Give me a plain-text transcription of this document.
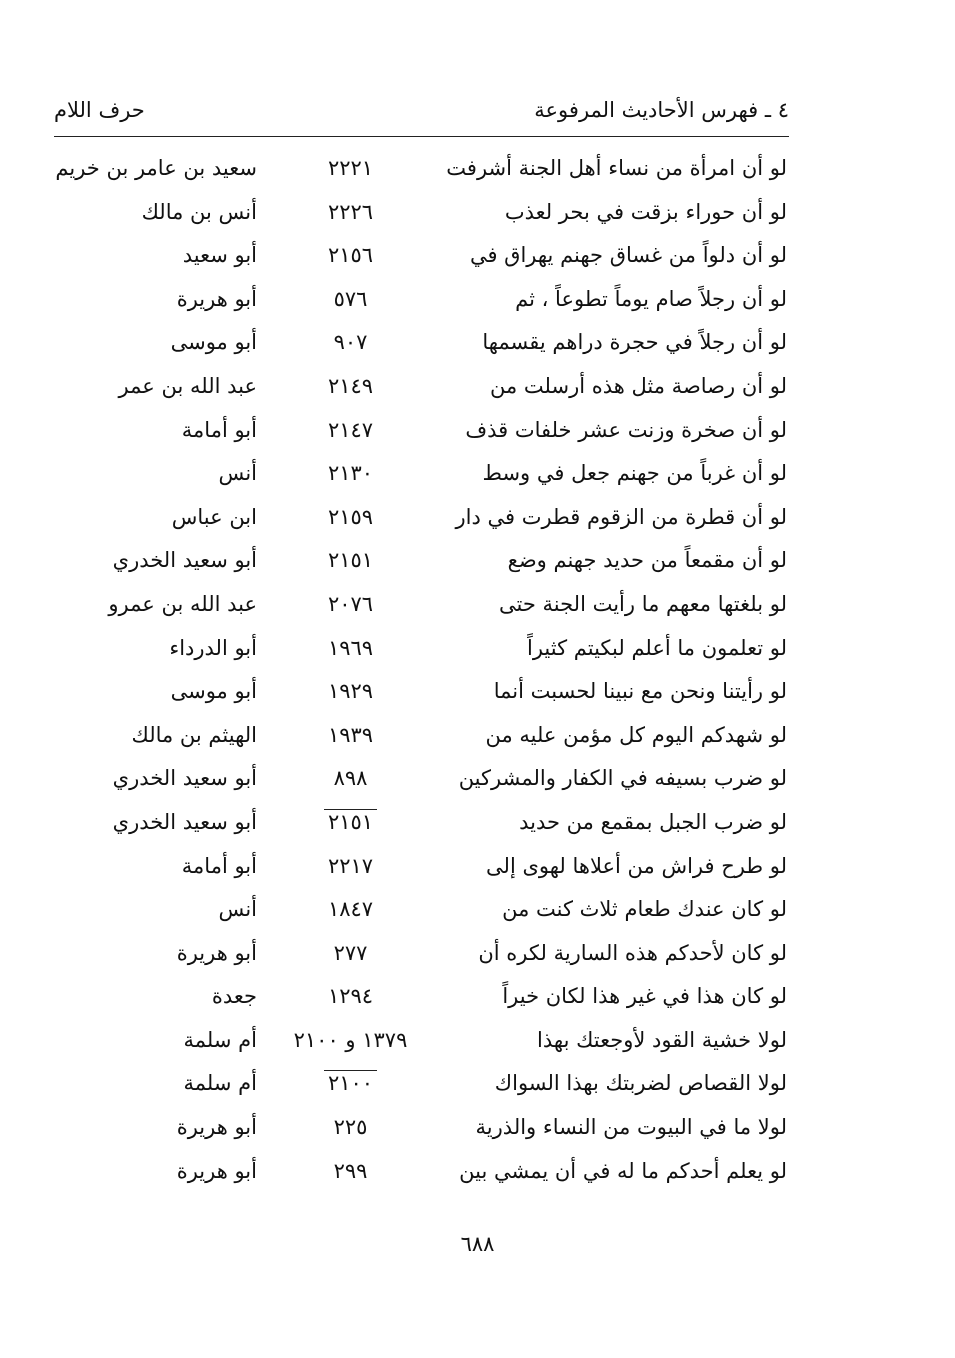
٤ ـ فهرس الأحاديث المرفوعة
حرف اللام
لو أن امرأة من نساء أهل الجنة أشرفت
٢٢٢١
سعيد بن عامر بن خريم
لو أن حوراء بزقت في بحر لعذب
٢٢٢٦
أنس بن مالك
لو أن دلواً من غساق جهنم يهراق في
٢١٥٦
أبو سعيد
لو أن رجلاً صام يوماً تطوعاً ، ثم
٥٧٦
أبو هريرة
لو أن رجلاً في حجرة دراهم يقسمها
٩٠٧
أبو موسى
لو أن رصاصة مثل هذه أرسلت من
٢١٤٩
عبد الله بن عمر
لو أن صخرة وزنت عشر خلفات قذف
٢١٤٧
أبو أمامة
لو أن غرباً من جهنم جعل في وسط
٢١٣٠
أنس
لو أن قطرة من الزقوم قطرت في دار
٢١٥٩
ابن عباس
لو أن مقمعاً من حديد جهنم وضع
٢١٥١
أبو سعيد الخدري
لو بلغتها معهم ما رأيت الجنة حتى
٢٠٧٦
عبد الله بن عمرو
لو تعلمون ما أعلم لبكيتم كثيراً
١٩٦٩
أبو الدرداء
لو رأيتنا ونحن مع نبينا لحسبت أنما
١٩٢٩
أبو موسى
لو شهدكم اليوم كل مؤمن عليه من
١٩٣٩
الهيثم بن مالك
لو ضرب بسيفه في الكفار والمشركين
٨٩٨
أبو سعيد الخدري
لو ضرب الجبل بمقمع من حديد
٢١٥١
أبو سعيد الخدري
لو طرح فراش من أعلاها لهوى إلى
٢٢١٧
أبو أمامة
لو كان عندك طعام ثلاث كنت من
١٨٤٧
أنس
لو كان لأحدكم هذه السارية لكره أن
٢٧٧
أبو هريرة
لو كان هذا في غير هذا لكان خيراً
١٢٩٤
جعدة
لولا خشية القود لأوجعتك بهذا
١٣٧٩ و ٢١٠٠
أم سلمة
لولا القصاص لضربتك بهذا السواك
٢١٠٠
أم سلمة
لولا ما في البيوت من النساء والذرية
٢٢٥
أبو هريرة
لو يعلم أحدكم ما له في أن يمشي بين
٢٩٩
أبو هريرة
٦٨٨
